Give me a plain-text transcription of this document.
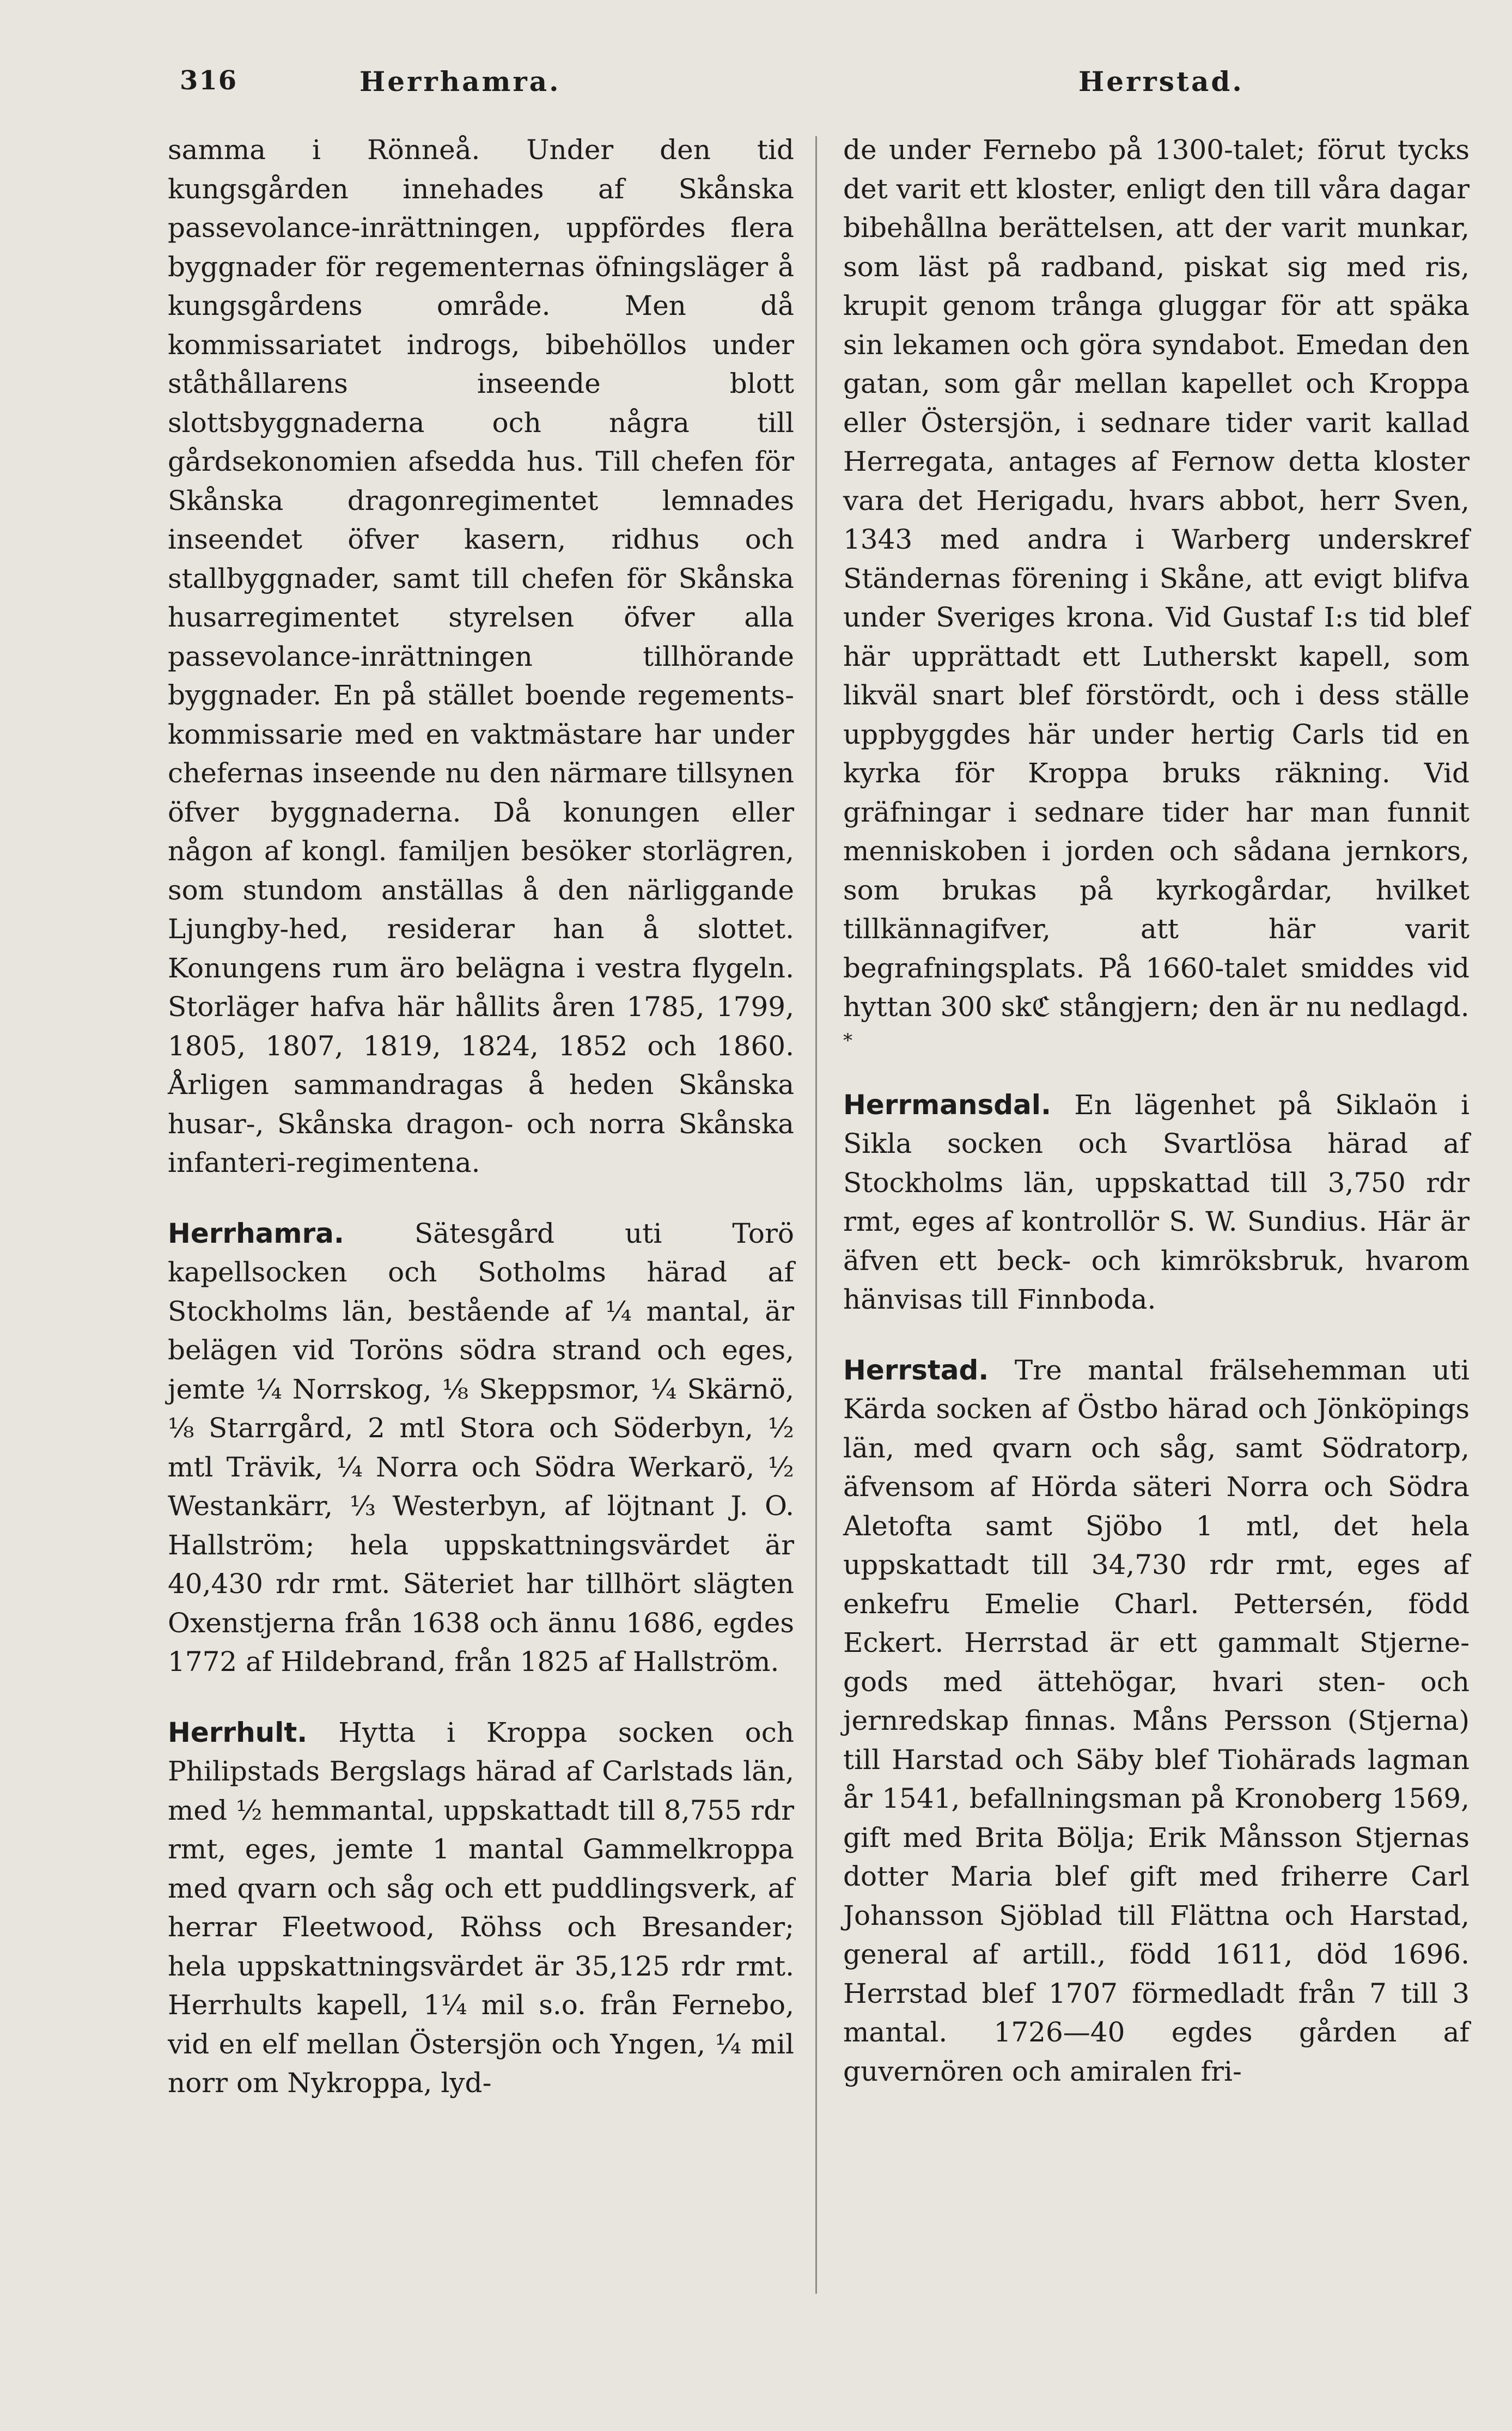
316	Herrhamra.	Herrstad.

samma i Rönneå. Under den tid kungsgården innehades af Skånska passevolance-inrättningen, uppfördes flera byggnader för regementernas öfningsläger å kungsgårdens område. Men då kommissariatet indrogs, bibehöllos under ståthållarens inseende blott slottsbyggnaderna och några till gårdsekonomien afsedda hus. Till chefen för Skånska dragonregimentet lemnades inseendet öfver kasern, ridhus och stallbyggnader, samt till chefen för Skånska husarregimentet styrelsen öfver alla passevolance-inrättningen tillhörande byggnader. En på stället boende regements-kommissarie med en vaktmästare har under chefernas inseende nu den närmare tillsynen öfver byggnaderna. Då konungen eller någon af kongl. familjen besöker storlägren, som stundom anställas å den närliggande Ljungby-hed, residerar han å slottet. Konungens rum äro belägna i vestra flygeln. Storläger hafva här hållits åren 1785, 1799, 1805, 1807, 1819, 1824, 1852 och 1860. Årligen sammandragas å heden Skånska husar-, Skånska dragon- och norra Skånska infanteri-regimentena.

Herrhamra.	Sätesgård uti Torö kapellsocken och Sotholms härad af Stockholms län, bestående af ¼ mantal, är belägen vid Toröns södra strand och eges, jemte ¼ Norrskog, ⅛ Skeppsmor, ¼ Skärnö, ⅛ Starrgård, 2 mtl Stora och Söderbyn, ½ mtl Trävik, ¼ Norra och Södra Werkarö, ½ Westankärr, ⅓ Westerbyn, af löjtnant J. O. Hallström; hela uppskattningsvärdet är 40,430 rdr rmt. Säteriet har tillhört slägten Oxenstjerna från 1638 och ännu 1686, egdes 1772 af Hildebrand, från 1825 af Hallström.

Herrhult. Hytta i Kroppa socken och Philipstads Bergslags härad af Carlstads län, med ½ hemmantal, uppskattadt till 8,755 rdr rmt, eges, jemte 1 mantal Gammelkroppa med qvarn och såg och ett puddlingsverk, af herrar Fleetwood, Röhss och Bresander; hela uppskattningsvärdet är 35,125 rdr rmt. Herrhults kapell, 1¼ mil s.o. från Fernebo, vid en elf mellan Östersjön och Yngen, ¼ mil norr om Nykroppa, lyd-

de under Fernebo på 1300-talet; förut tycks det varit ett kloster, enligt den till våra dagar bibehållna berättelsen, att der varit munkar, som läst på radband, piskat sig med ris, krupit genom trånga gluggar för att späka sin lekamen och göra syndabot. Emedan den gatan, som går mellan kapellet och Kroppa eller Östersjön, i sednare tider varit kallad Herregata, antages af Fernow detta kloster vara det Herigadu, hvars abbot, herr Sven, 1343 med andra i Warberg underskref Ständernas förening i Skåne, att evigt blifva under Sveriges krona. Vid Gustaf I:s tid blef här upprättadt ett Lutherskt kapell, som likväl snart blef förstördt, och i dess ställe uppbyggdes här under hertig Carls tid en kyrka för Kroppa bruks räkning. Vid gräfningar i sednare tider har man funnit menniskoben i jorden och sådana jernkors, som brukas på kyrkogårdar, hvilket tillkännagifver, att här varit begrafningsplats. På 1660-talet smiddes vid hyttan 300 skℭ stångjern; den är nu nedlagd.

*

Herrmansdal. En lägenhet på Siklaön i Sikla socken och Svartlösa härad af Stockholms län, uppskattad till 3,750 rdr rmt, eges af kontrollör S. W. Sundius. Här är äfven ett beck- och kimröksbruk, hvarom hänvisas till Finnboda.

Herrstad. Tre mantal frälsehemman uti Kärda socken af Östbo härad och Jönköpings län, med qvarn och såg, samt Södratorp, äfvensom af Hörda säteri Norra och Södra Aletofta samt Sjöbo 1 mtl, det hela uppskattadt till 34,730 rdr rmt, eges af enkefru Emelie Charl. Pettersén, född Eckert. Herrstad är ett gammalt Stjerne-gods med ättehögar, hvari sten- och jernredskap finnas. Måns Persson (Stjerna) till Harstad och Säby blef Tiohärads lagman år 1541, befallningsman på Kronoberg 1569, gift med Brita Bölja; Erik Månsson Stjernas dotter Maria blef gift med friherre Carl Johansson Sjöblad till Flättna och Harstad, general af artill., född 1611, död 1696. Herrstad blef 1707 förmedladt från 7 till 3 mantal. 1726—40 egdes gården af guvernören och amiralen fri-
